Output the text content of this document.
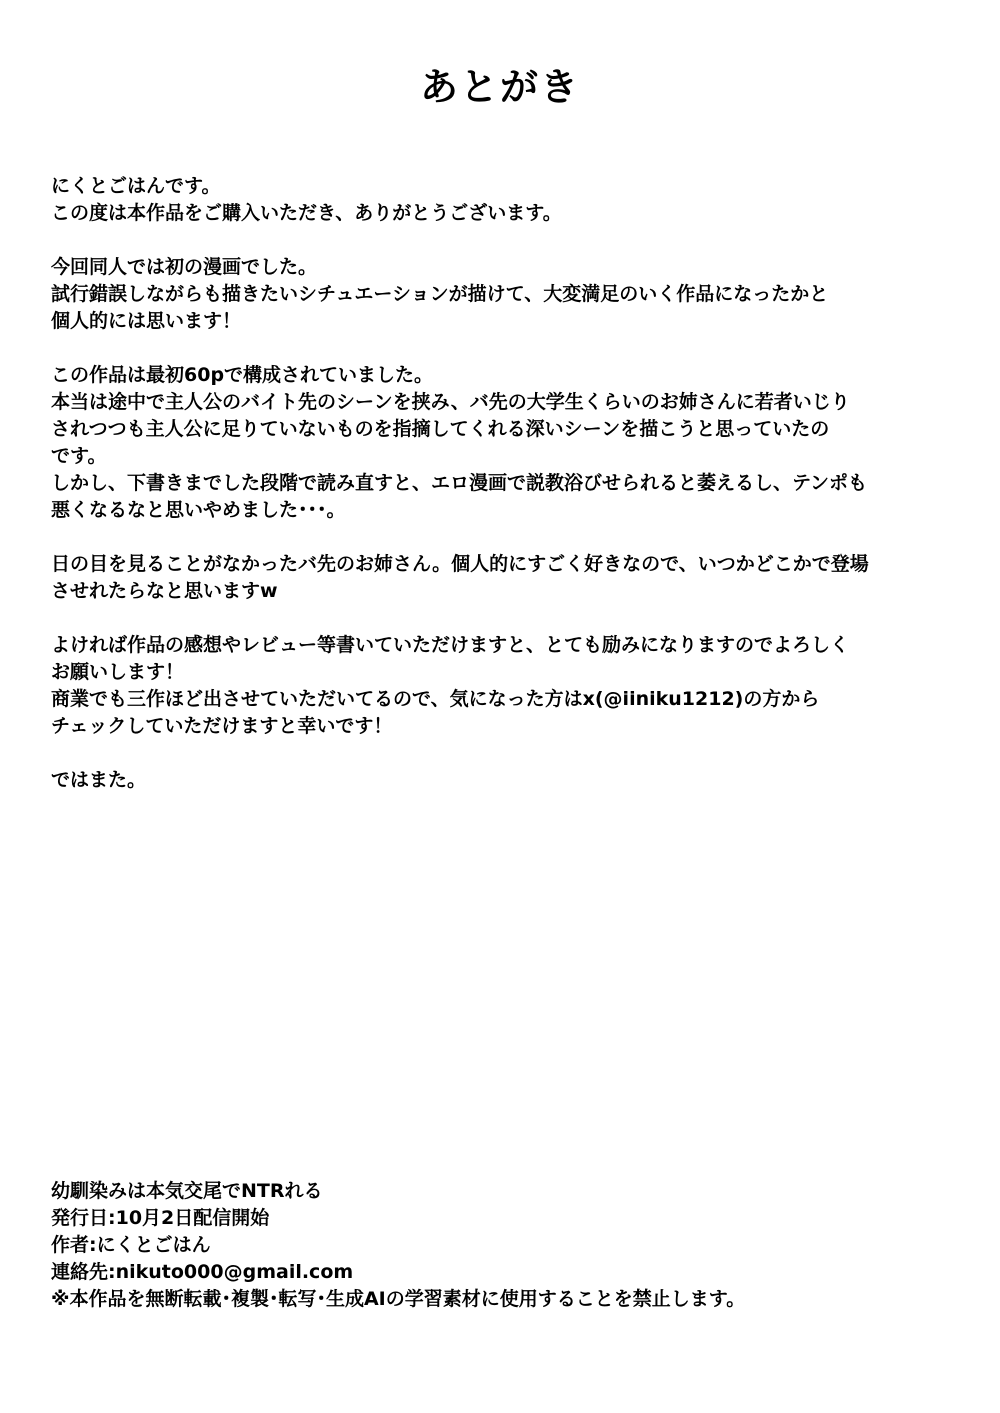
あとがき
にくとごはんです。
この度は本作品をご購入いただき、ありがとうございます。
今回同人では初の漫画でした。
試行錯誤しながらも描きたいシチュエーションが描けて、大変満足のいく作品になったかと
個人的には思います！
この作品は最初60pで構成されていました。
本当は途中で主人公のバイト先のシーンを挟み、バ先の大学生くらいのお姉さんに若者いじり
されつつも主人公に足りていないものを指摘してくれる深いシーンを描こうと思っていたの
です。
しかし、下書きまでした段階で読み直すと、エロ漫画で説教浴びせられると萎えるし、テンポも
悪くなるなと思いやめました･･･。
日の目を見ることがなかったバ先のお姉さん。個人的にすごく好きなので、いつかどこかで登場
させれたらなと思いますw
よければ作品の感想やレビュー等書いていただけますと、とても励みになりますのでよろしく
お願いします！
商業でも三作ほど出させていただいてるので、気になった方はx(@iiniku1212)の方から
チェックしていただけますと幸いです！
ではまた。
幼馴染みは本気交尾でNTRれる
発行日:10月2日配信開始
作者:にくとごはん
連絡先:nikuto000@gmail.com
※本作品を無断転載･複製･転写･生成AIの学習素材に使用することを禁止します。
